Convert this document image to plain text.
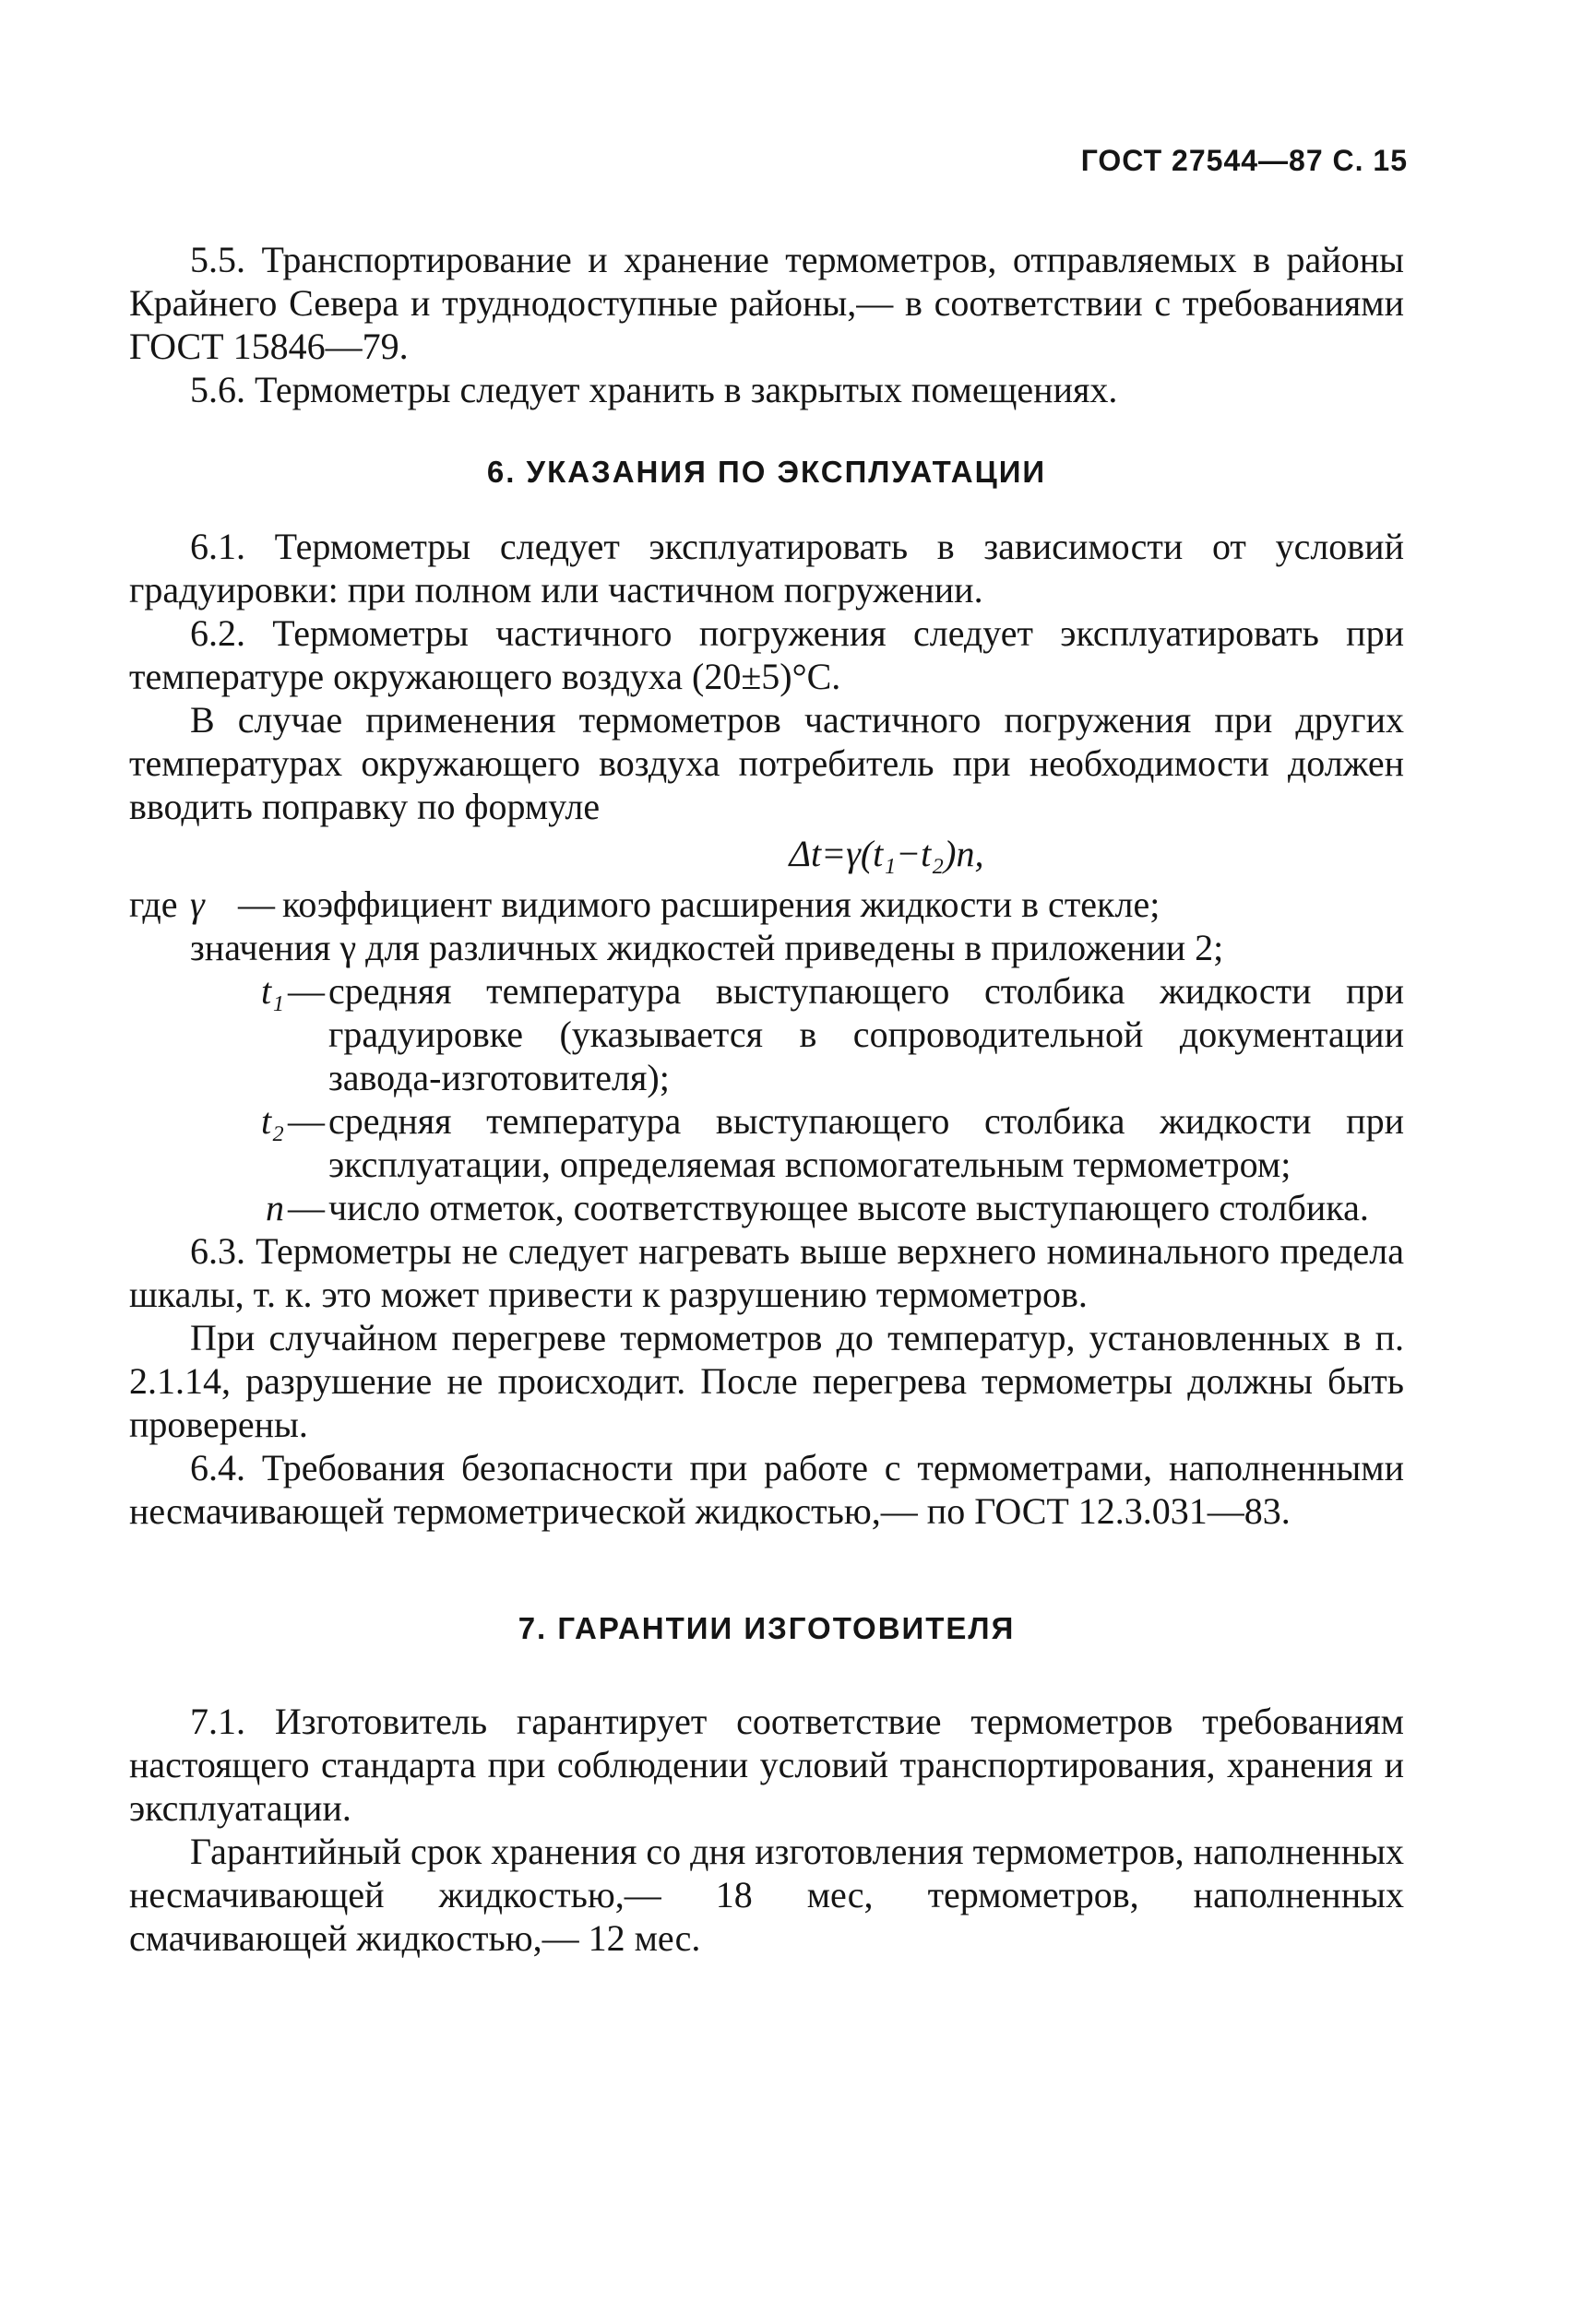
ГОСТ 27544—87 С. 15

5.5. Транспортирование и хранение термометров, отправляемых в районы Крайнего Севера и труднодоступные районы,— в соответствии с требованиями ГОСТ 15846—79.

5.6. Термометры следует хранить в закрытых помещениях.

6. УКАЗАНИЯ ПО ЭКСПЛУАТАЦИИ

6.1. Термометры следует эксплуатировать в зависимости от условий градуировки: при полном или частичном погружении.

6.2. Термометры частичного погружения следует эксплуатировать при температуре окружающего воздуха (20±5)°С.

В случае применения термометров частичного погружения при других температурах окружающего воздуха потребитель при необходимости должен вводить поправку по формуле

Δt=γ(t₁−t₂)n,
где γ — коэффициент видимого расширения жидкости в стекле;

значения γ для различных жидкостей приведены в приложении 2;

t₁ — средняя температура выступающего столбика жидкости при градуировке (указывается в сопроводительной документации завода-изготовителя);
t₂ — средняя температура выступающего столбика жидкости при эксплуатации, определяемая вспомогательным термометром;
n — число отметок, соответствующее высоте выступающего столбика.

6.3. Термометры не следует нагревать выше верхнего номинального предела шкалы, т. к. это может привести к разрушению термометров.

При случайном перегреве термометров до температур, установленных в п. 2.1.14, разрушение не происходит. После перегрева термометры должны быть проверены.

6.4. Требования безопасности при работе с термометрами, наполненными несмачивающей термометрической жидкостью,— по ГОСТ 12.3.031—83.

7. ГАРАНТИИ ИЗГОТОВИТЕЛЯ

7.1. Изготовитель гарантирует соответствие термометров требованиям настоящего стандарта при соблюдении условий транспортирования, хранения и эксплуатации.

Гарантийный срок хранения со дня изготовления термометров, наполненных несмачивающей жидкостью,— 18 мес, термометров, наполненных смачивающей жидкостью,— 12 мес.
